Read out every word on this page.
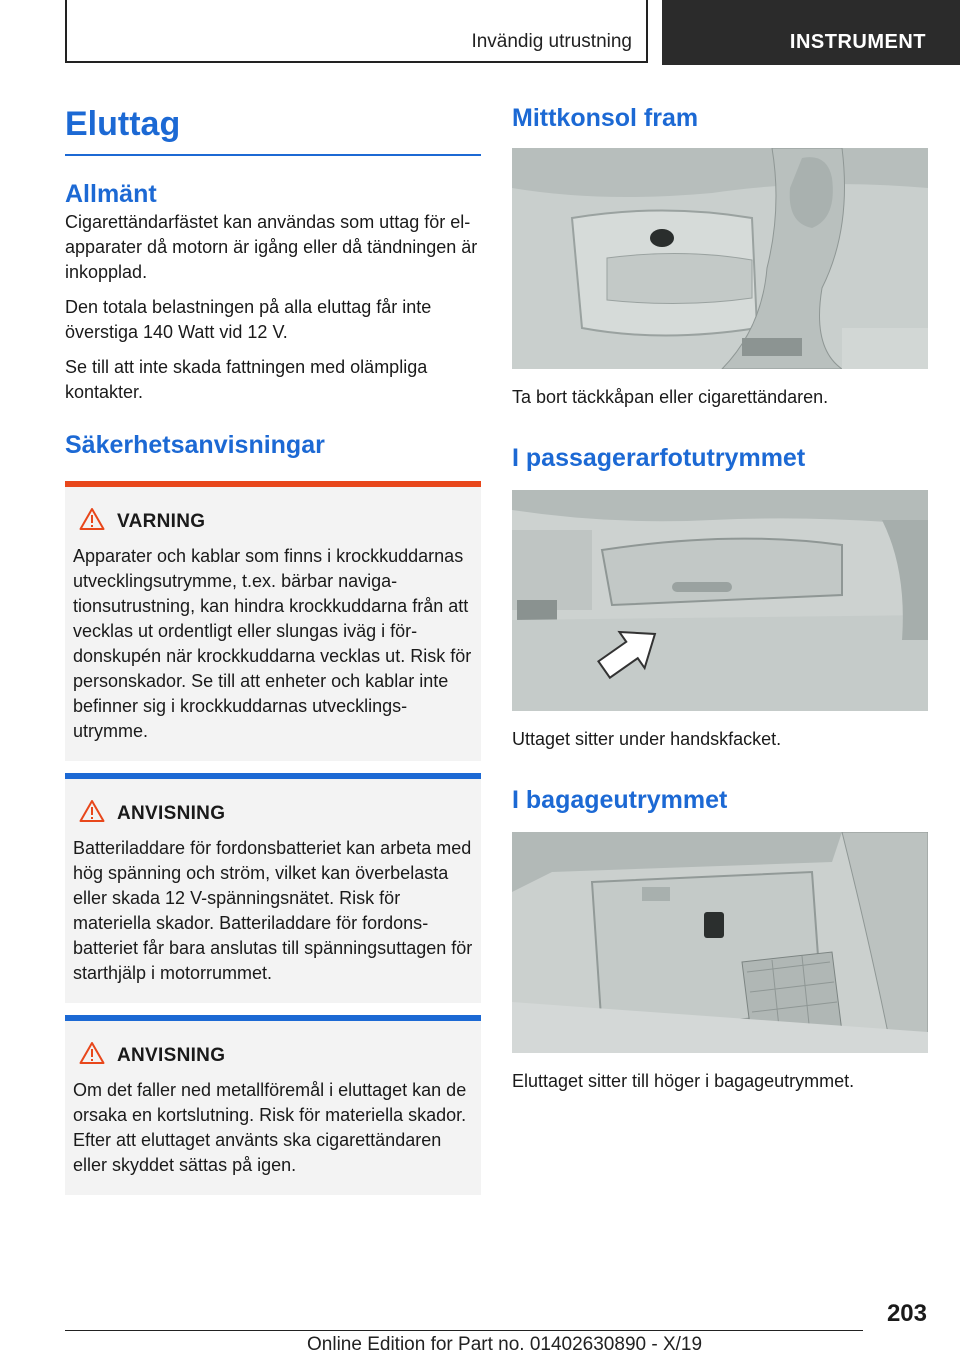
Invändig utrustning	INSTRUMENT
Eluttag
Allmänt

Cigarettändarfästet kan användas som uttag för el-apparater då motorn är igång eller då tändningen är inkopplad.

Den totala belastningen på alla eluttag får inte överstiga 140 Watt vid 12 V.

Se till att inte skada fattningen med olämpliga kontakter.

Säkerhetsanvisningar
VARNING
Apparater och kablar som finns i krockkuddarnas utvecklingsutrymme, t.ex. bärbar navigationsutrustning, kan hindra krockkuddarna från att vecklas ut ordentligt eller slungas iväg i fördonskupén när krockkuddarna vecklas ut. Risk för personskador. Se till att enheter och kablar inte befinner sig i krockkuddarnas utvecklingsutrymme.
ANVISNING
Batteriladdare för fordonsbatteriet kan arbeta med hög spänning och ström, vilket kan överbelasta eller skada 12 V-spänningsnätet. Risk för materiella skador. Batteriladdare för fordonsbatteriet får bara anslutas till spänningsuttagen för starthjälp i motorrummet.
ANVISNING
Om det faller ned metallföremål i eluttaget kan de orsaka en kortslutning. Risk för materiella skador. Efter att eluttaget använts ska cigarettändaren eller skyddet sättas på igen.
Mittkonsol fram

Ta bort täckkåpan eller cigarettändaren.

I passagerarfotutrymmet

Uttaget sitter under handskfacket.

I bagageutrymmet

Eluttaget sitter till höger i bagageutrymmet.

203
Online Edition for Part no. 01402630890 - X/19
